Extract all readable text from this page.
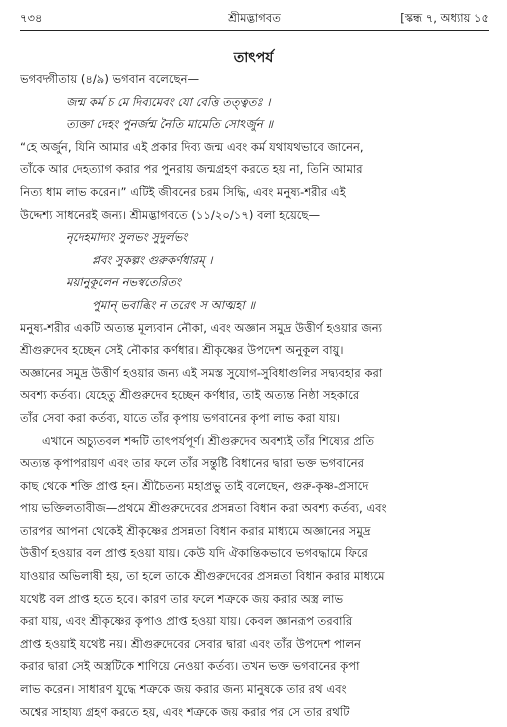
৭৩৪	শ্রীমদ্ভাগবত	[স্কন্ধ ৭, অধ্যায় ১৫
তাৎপর্য
ভগবদ্গীতায় (৪/৯) ভগবান বলেছেন—
জন্ম কর্ম চ মে দিব্যমেবং যো বেত্তি তত্ত্বতঃ ।
ত্যক্তা দেহং পুনর্জন্ম নৈতি মামেতি সোঽর্জুন ॥
“হে অর্জুন, যিনি আমার এই প্রকার দিব্য জন্ম এবং কর্ম যথাযথভাবে জানেন,
তাঁকে আর দেহত্যাগ করার পর পুনরায় জন্মগ্রহণ করতে হয় না, তিনি আমার
নিত্য ধাম লাভ করেন।” এটিই জীবনের চরম সিদ্ধি, এবং মনুষ্য-শরীর এই
উদ্দেশ্য সাধনেরই জন্য। শ্রীমদ্ভাগবতে (১১/২০/১৭) বলা হয়েছে—
নৃদেহমাদ্যং সুলভং সুদুর্লভং
প্লবং সুকল্পং গুরুকর্ণধারম্ ।
ময়ানুকূলেন নভস্বতেরিতং
পুমান্ ভবাব্ধিং ন তরেৎ স আত্মহা ॥
মনুষ্য-শরীর একটি অত্যন্ত মূল্যবান নৌকা, এবং অজ্ঞান সমুদ্র উত্তীর্ণ হওয়ার জন্য
শ্রীগুরুদেব হচ্ছেন সেই নৌকার কর্ণধার। শ্রীকৃষ্ণের উপদেশ অনুকূল বায়ু।
অজ্ঞানের সমুদ্র উত্তীর্ণ হওয়ার জন্য এই সমস্ত সুযোগ-সুবিধাগুলির সদ্ব্যবহার করা
অবশ্য কর্তব্য। যেহেতু শ্রীগুরুদেব হচ্ছেন কর্ণধার, তাই অত্যন্ত নিষ্ঠা সহকারে
তাঁর সেবা করা কর্তব্য, যাতে তাঁর কৃপায় ভগবানের কৃপা লাভ করা যায়।
এখানে অচ্যুতবল শব্দটি তাৎপর্যপূর্ণ। শ্রীগুরুদেব অবশ্যই তাঁর শিষ্যের প্রতি
অত্যন্ত কৃপাপরায়ণ এবং তার ফলে তাঁর সন্তুষ্টি বিধানের দ্বারা ভক্ত ভগবানের
কাছ থেকে শক্তি প্রাপ্ত হন। শ্রীচৈতন্য মহাপ্রভু তাই বলেছেন, গুরু-কৃষ্ণ-প্রসাদে
পায় ভক্তিলতাবীজ—প্রথমে শ্রীগুরুদেবের প্রসন্নতা বিধান করা অবশ্য কর্তব্য, এবং
তারপর আপনা থেকেই শ্রীকৃষ্ণের প্রসন্নতা বিধান করার মাধ্যমে অজ্ঞানের সমুদ্র
উত্তীর্ণ হওয়ার বল প্রাপ্ত হওয়া যায়। কেউ যদি ঐকান্তিকভাবে ভগবদ্ধামে ফিরে
যাওয়ার অভিলাষী হয়, তা হলে তাকে শ্রীগুরুদেবের প্রসন্নতা বিধান করার মাধ্যমে
যথেষ্ট বল প্রাপ্ত হতে হবে। কারণ তার ফলে শত্রুকে জয় করার অস্ত্র লাভ
করা যায়, এবং শ্রীকৃষ্ণের কৃপাও প্রাপ্ত হওয়া যায়। কেবল জ্ঞানরূপ তরবারি
প্রাপ্ত হওয়াই যথেষ্ট নয়। শ্রীগুরুদেবের সেবার দ্বারা এবং তাঁর উপদেশ পালন
করার দ্বারা সেই অস্ত্রটিকে শাণিয়ে নেওয়া কর্তব্য। তখন ভক্ত ভগবানের কৃপা
লাভ করেন। সাধারণ যুদ্ধে শত্রুকে জয় করার জন্য মানুষকে তার রথ এবং
অশ্বের সাহায্য গ্রহণ করতে হয়, এবং শত্রুকে জয় করার পর সে তার রথটি
